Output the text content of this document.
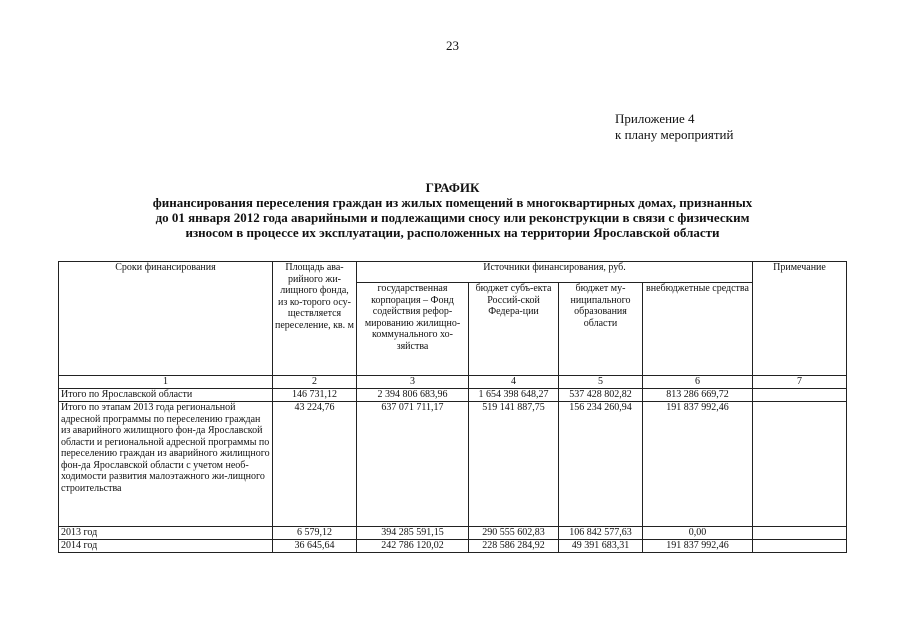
23
Приложение 4
к плану мероприятий
ГРАФИК
финансирования переселения граждан из жилых помещений в многоквартирных домах, признанных
до 01 января 2012 года аварийными и подлежащими сносу или реконструкции в связи с физическим
износом в процессе их эксплуатации, расположенных на территории Ярославской области
Сроки финансирования	Площадь ава-рийного жи-лищного фонда, из ко-торого осу-ществляется переселение, кв. м	Источники финансирования, руб.				Примечание
		государственная корпорация – Фонд содействия рефор-мированию жилищно-коммунального хо-зяйства	бюджет субъ-екта Россий-ской Федера-ции	бюджет му-ниципального образования области	внебюджетные средства	
1	2	3	4	5	6	7
Итого по Ярославской области	146 731,12	2 394 806 683,96	1 654 398 648,27	537 428 802,82	813 286 669,72	
Итого по этапам 2013 года региональной адресной программы по переселению граждан из аварийного жилищного фон-да Ярославской области и региональной адресной программы по переселению граждан из аварийного жилищного фон-да Ярославской области с учетом необ-ходимости развития малоэтажного жи-лищного строительства	43 224,76	637 071 711,17	519 141 887,75	156 234 260,94	191 837 992,46	
2013 год	6 579,12	394 285 591,15	290 555 602,83	106 842 577,63	0,00	
2014 год	36 645,64	242 786 120,02	228 586 284,92	49 391 683,31	191 837 992,46	
